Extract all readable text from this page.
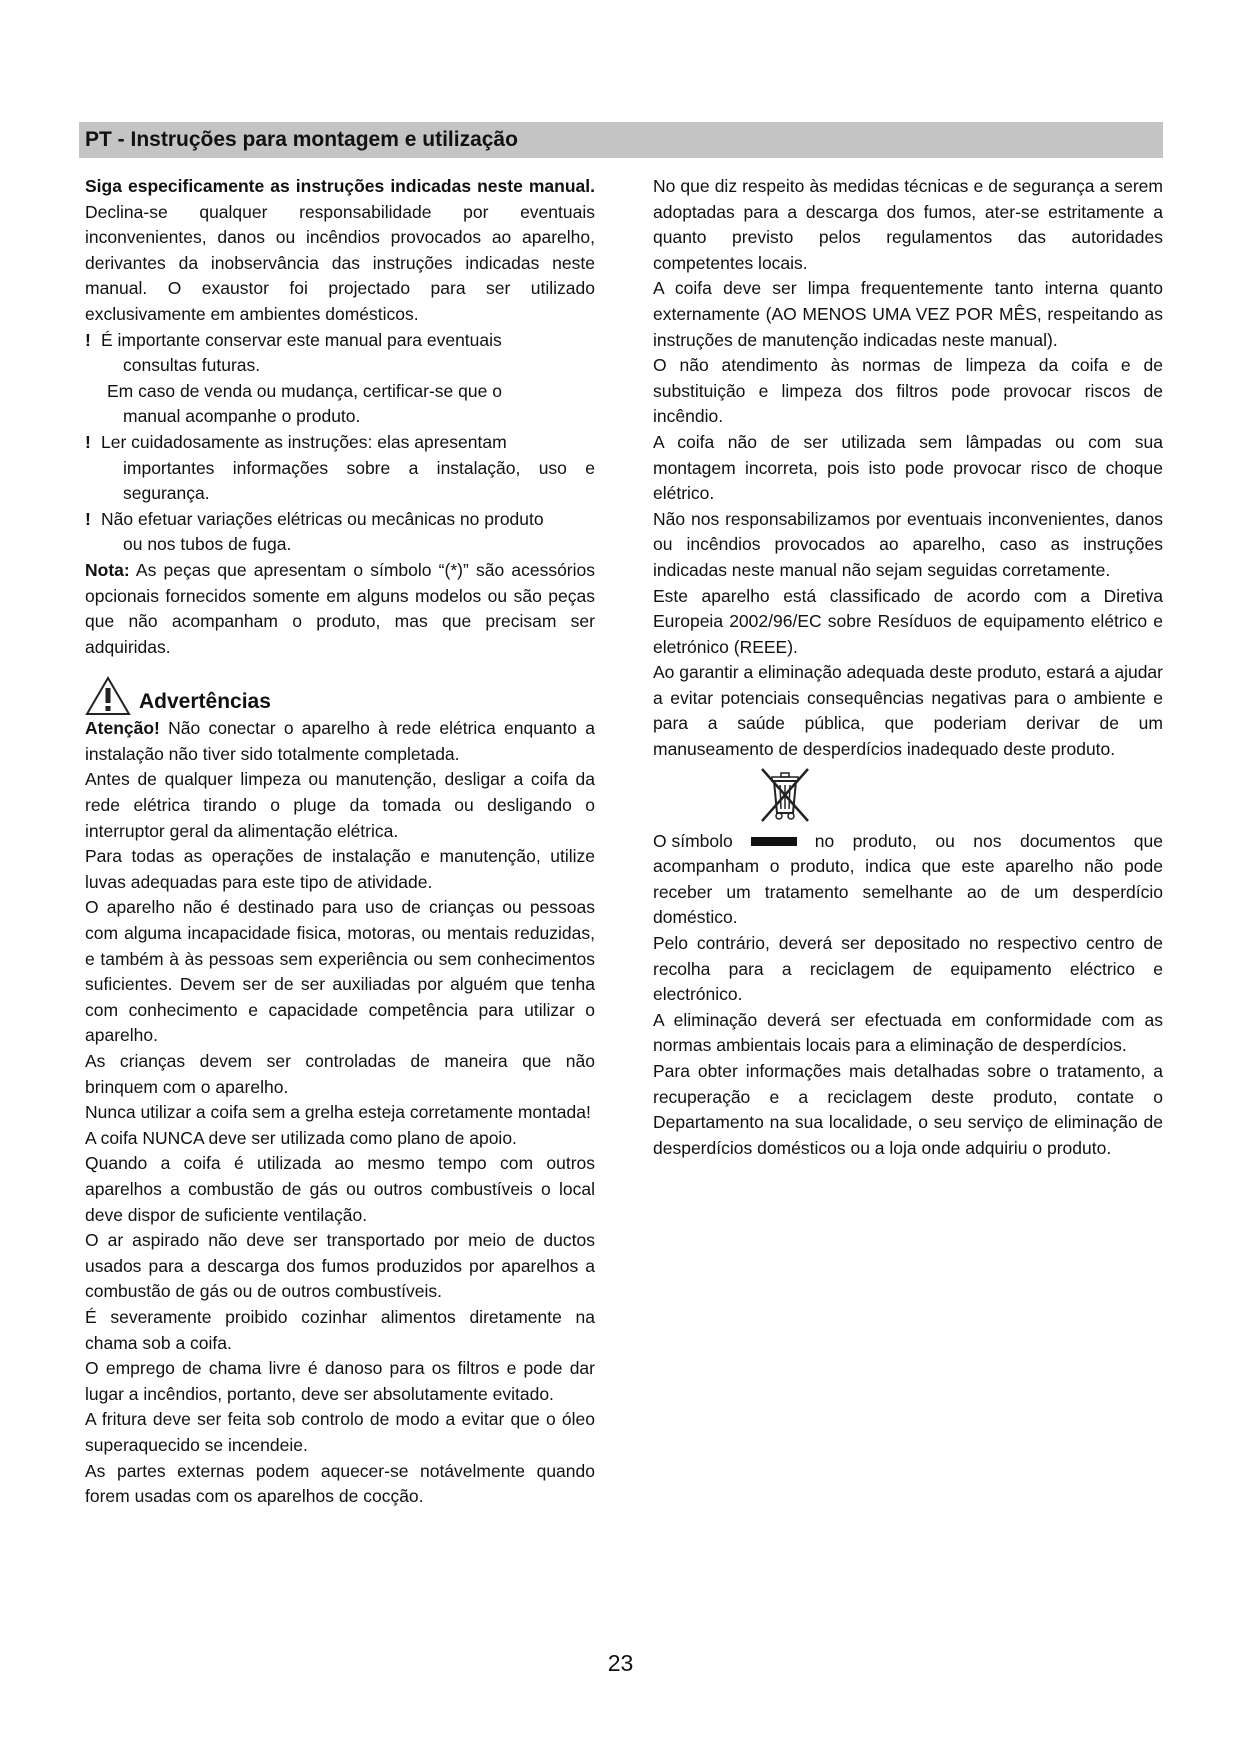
PT - Instruções para montagem e utilização

Siga especificamente as instruções indicadas neste manual. Declina-se qualquer responsabilidade por eventuais inconvenientes, danos ou incêndios provocados ao aparelho, derivantes da inobservância das instruções indicadas neste manual. O exaustor foi projectado para ser utilizado exclusivamente em ambientes domésticos.

! É importante conservar este manual para eventuais

consultas futuras.

Em caso de venda ou mudança, certificar-se que o

manual acompanhe o produto.

! Ler cuidadosamente as instruções: elas apresentam

importantes informações sobre a instalação, uso e segurança.

! Não efetuar variações elétricas ou mecânicas no produto

ou nos tubos de fuga.

Nota: As peças que apresentam o símbolo “(*)” são acessórios opcionais fornecidos somente em alguns modelos ou são peças que não acompanham o produto, mas que precisam ser adquiridas.

Advertências

Atenção! Não conectar o aparelho à rede elétrica enquanto a instalação não tiver sido totalmente completada.

Antes de qualquer limpeza ou manutenção, desligar a coifa da rede elétrica tirando o pluge da tomada ou desligando o interruptor geral da alimentação elétrica.

Para todas as operações de instalação e manutenção, utilize luvas adequadas para este tipo de atividade.

O aparelho não é destinado para uso de crianças ou pessoas com alguma incapacidade fisica, motoras, ou mentais reduzidas, e também à às pessoas sem experiência ou sem conhecimentos suficientes. Devem ser de ser auxiliadas por alguém que tenha com conhecimento e capacidade competência para utilizar o aparelho.

As crianças devem ser controladas de maneira que não brinquem com o aparelho.

Nunca utilizar a coifa sem a grelha esteja corretamente montada!

A coifa NUNCA deve ser utilizada como plano de apoio.

Quando a coifa é utilizada ao mesmo tempo com outros aparelhos a combustão de gás ou outros combustíveis o local deve dispor de suficiente ventilação.

O ar aspirado não deve ser transportado por meio de ductos usados para a descarga dos fumos produzidos por aparelhos a combustão de gás ou de outros combustíveis.

É severamente proibido cozinhar alimentos diretamente na chama sob a coifa.

O emprego de chama livre é danoso para os filtros e pode dar lugar a incêndios, portanto, deve ser absolutamente evitado.

A fritura deve ser feita sob controlo de modo a evitar que o óleo superaquecido se incendeie.

As partes externas podem aquecer-se notávelmente quando forem usadas com os aparelhos de cocção.

No que diz respeito às medidas técnicas e de segurança a serem adoptadas para a descarga dos fumos, ater-se estritamente a quanto previsto pelos regulamentos das autoridades competentes locais.

A coifa deve ser limpa frequentemente tanto interna quanto externamente (AO MENOS UMA VEZ POR MÊS, respeitando as instruções de manutenção indicadas neste manual).

O não atendimento às normas de limpeza da coifa e de substituição e limpeza dos filtros pode provocar riscos de incêndio.

A coifa não de ser utilizada sem lâmpadas ou com sua montagem incorreta, pois isto pode provocar risco de choque elétrico.

Não nos responsabilizamos por eventuais inconvenientes, danos ou incêndios provocados ao aparelho, caso as instruções indicadas neste manual não sejam seguidas corretamente.

Este aparelho está classificado de acordo com a Diretiva Europeia 2002/96/EC sobre Resíduos de equipamento elétrico e eletrónico (REEE).

Ao garantir a eliminação adequada deste produto, estará a ajudar a evitar potenciais consequências negativas para o ambiente e para a saúde pública, que poderiam derivar de um manuseamento de desperdícios inadequado deste produto.

O símbolo	no produto, ou nos documentos que

acompanham o produto, indica que este aparelho não pode receber um tratamento semelhante ao de um desperdício doméstico.

Pelo contrário, deverá ser depositado no respectivo centro de recolha para a reciclagem de equipamento eléctrico e electrónico.

A eliminação deverá ser efectuada em conformidade com as normas ambientais locais para a eliminação de desperdícios.

Para obter informações mais detalhadas sobre o tratamento, a recuperação e a reciclagem deste produto, contate o Departamento na sua localidade, o seu serviço de eliminação de desperdícios domésticos ou a loja onde adquiriu o produto.

23
